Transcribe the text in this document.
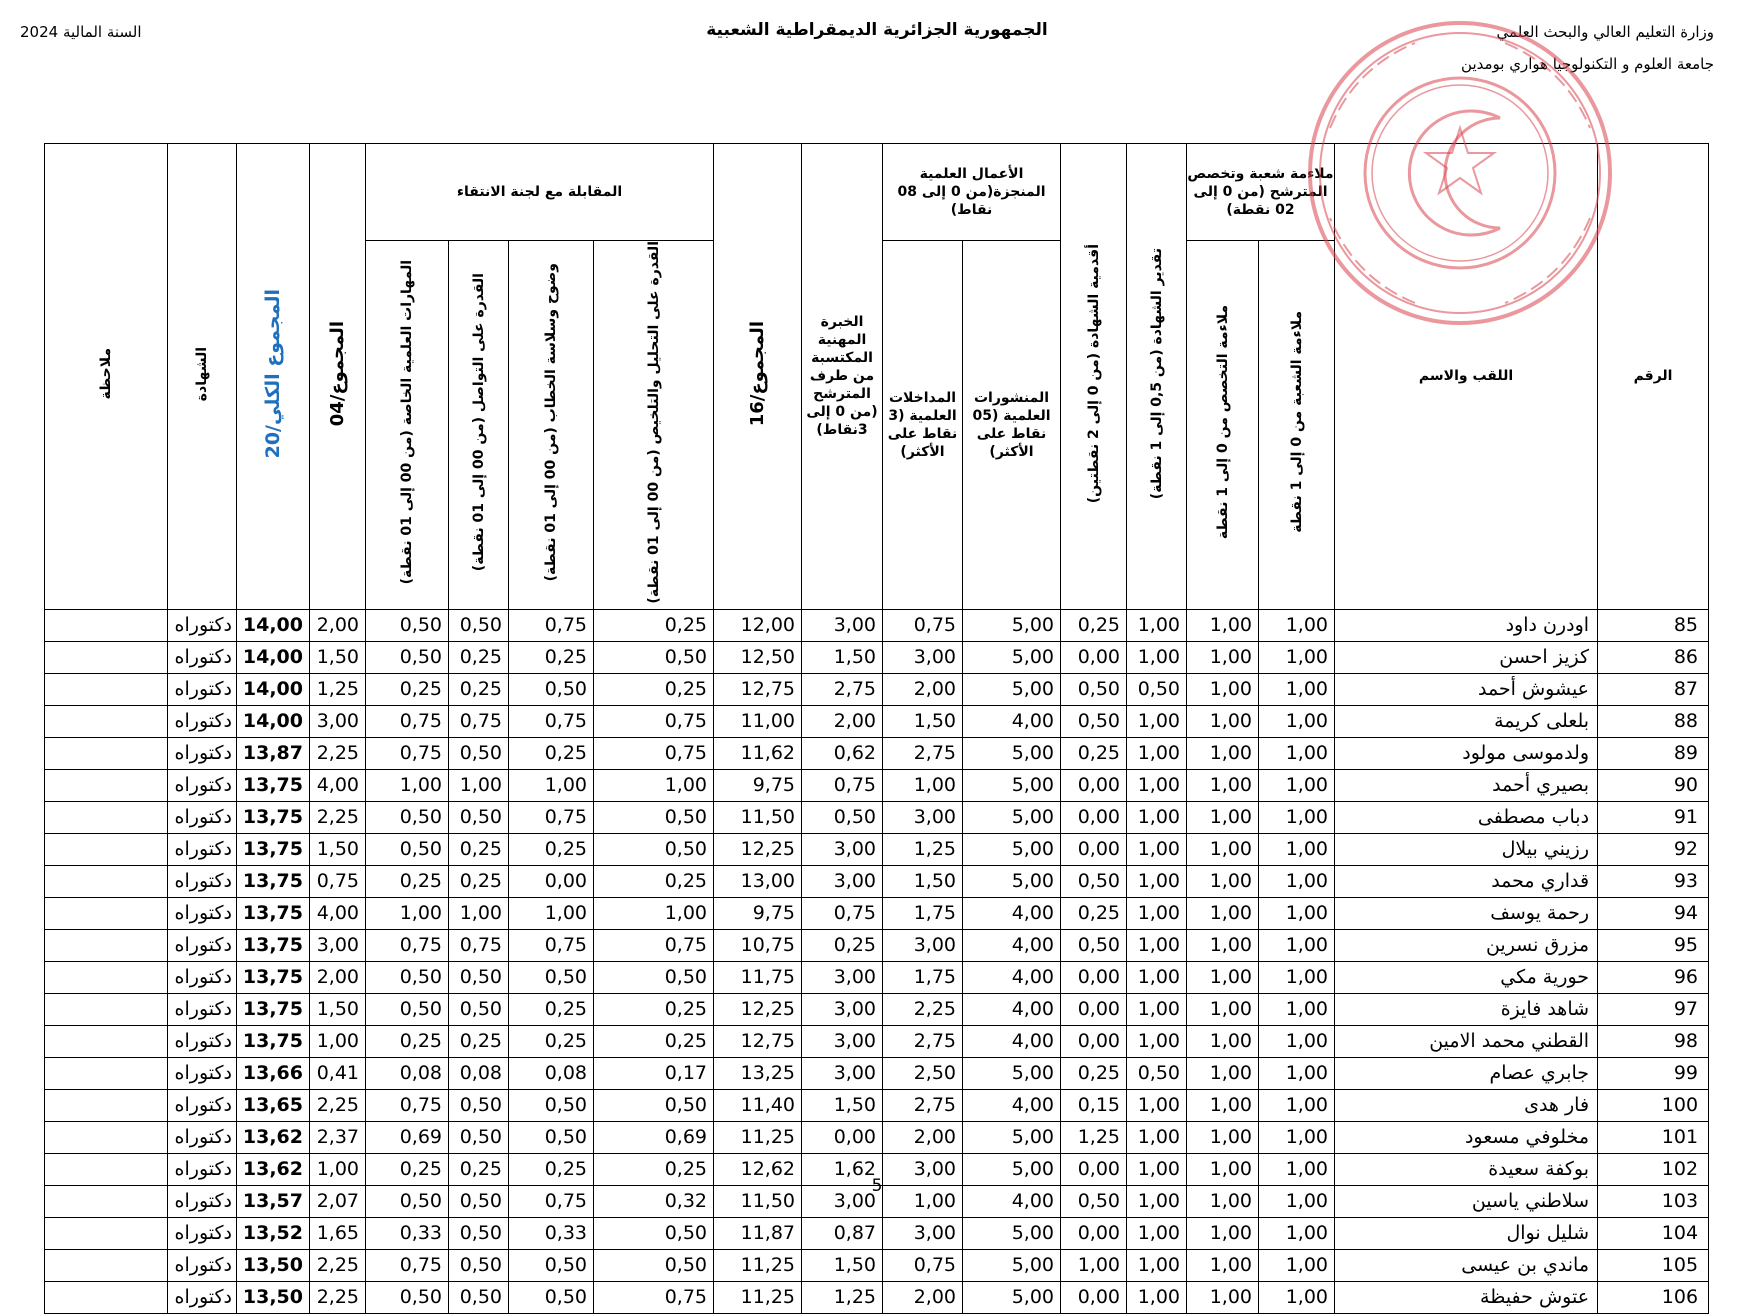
السنة المالية 2024	الجمهورية الجزائرية الديمقراطية الشعبية	وزارة التعليم العالي والبحث العلمي
جامعة العلوم و التكنولوجيا هواري بومدين
الرقم	اللقب والاسم	ملاءمة شعبة وتخصص المترشح (من 0 إلى 02 نقطة)		تقدير الشهادة (من 0,5 إلى 1 نقطة)	أقدمية الشهادة (من 0 إلى 2 نقطتين)	الأعمال العلمية المنجزة(من 0 إلى 08 نقاط)		الخبرة المهنية المكتسبة من طرف المترشح (من 0 إلى 3نقاط)	المجموع/16	المقابلة مع لجنة الانتقاء				المجموع/04	المجموع الكلي/20	الشهادة	ملاحظة
		ملاءمة الشعبة من 0 إلى 1 نقطة	ملاءمة التخصص من 0 إلى 1 نقطة			المنشورات العلمية (05 نقاط على الأكثر)	المداخلات العلمية (3 نقاط على الأكثر)			القدرة على التحليل والتلخيص (من 00 إلى 01 نقطة)	وضوح وسلاسة الخطاب (من 00 إلى 01 نقطة)	القدرة على التواصل (من 00 إلى 01 نقطة)	المهارات العلمية الخاصة (من 00 إلى 01 نقطة)				
85	اودرن داود	1,00	1,00	1,00	0,25	5,00	0,75	3,00	12,00	0,25	0,75	0,50	0,50	2,00	14,00	دكتوراه	
86	كزيز احسن	1,00	1,00	1,00	0,00	5,00	3,00	1,50	12,50	0,50	0,25	0,25	0,50	1,50	14,00	دكتوراه	
87	عيشوش أحمد	1,00	1,00	0,50	0,50	5,00	2,00	2,75	12,75	0,25	0,50	0,25	0,25	1,25	14,00	دكتوراه	
88	بلعلى كريمة	1,00	1,00	1,00	0,50	4,00	1,50	2,00	11,00	0,75	0,75	0,75	0,75	3,00	14,00	دكتوراه	
89	ولدموسى مولود	1,00	1,00	1,00	0,25	5,00	2,75	0,62	11,62	0,75	0,25	0,50	0,75	2,25	13,87	دكتوراه	
90	بصيري أحمد	1,00	1,00	1,00	0,00	5,00	1,00	0,75	9,75	1,00	1,00	1,00	1,00	4,00	13,75	دكتوراه	
91	دباب مصطفى	1,00	1,00	1,00	0,00	5,00	3,00	0,50	11,50	0,50	0,75	0,50	0,50	2,25	13,75	دكتوراه	
92	رزيني بيلال	1,00	1,00	1,00	0,00	5,00	1,25	3,00	12,25	0,50	0,25	0,25	0,50	1,50	13,75	دكتوراه	
93	قداري محمد	1,00	1,00	1,00	0,50	5,00	1,50	3,00	13,00	0,25	0,00	0,25	0,25	0,75	13,75	دكتوراه	
94	رحمة يوسف	1,00	1,00	1,00	0,25	4,00	1,75	0,75	9,75	1,00	1,00	1,00	1,00	4,00	13,75	دكتوراه	
95	مزرق نسرين	1,00	1,00	1,00	0,50	4,00	3,00	0,25	10,75	0,75	0,75	0,75	0,75	3,00	13,75	دكتوراه	
96	حورية مكي	1,00	1,00	1,00	0,00	4,00	1,75	3,00	11,75	0,50	0,50	0,50	0,50	2,00	13,75	دكتوراه	
97	شاهد فايزة	1,00	1,00	1,00	0,00	4,00	2,25	3,00	12,25	0,25	0,25	0,50	0,50	1,50	13,75	دكتوراه	
98	القطني محمد الامين	1,00	1,00	1,00	0,00	4,00	2,75	3,00	12,75	0,25	0,25	0,25	0,25	1,00	13,75	دكتوراه	
99	جابري عصام	1,00	1,00	0,50	0,25	5,00	2,50	3,00	13,25	0,17	0,08	0,08	0,08	0,41	13,66	دكتوراه	
100	فار هدى	1,00	1,00	1,00	0,15	4,00	2,75	1,50	11,40	0,50	0,50	0,50	0,75	2,25	13,65	دكتوراه	
101	مخلوفي مسعود	1,00	1,00	1,00	1,25	5,00	2,00	0,00	11,25	0,69	0,50	0,50	0,69	2,37	13,62	دكتوراه	
102	بوكفة سعيدة	1,00	1,00	1,00	0,00	5,00	3,00	1,62	12,62	0,25	0,25	0,25	0,25	1,00	13,62	دكتوراه	
103	سلاطني ياسين	1,00	1,00	1,00	0,50	4,00	1,00	3,00	11,50	0,32	0,75	0,50	0,50	2,07	13,57	دكتوراه	
104	شليل نوال	1,00	1,00	1,00	0,00	5,00	3,00	0,87	11,87	0,50	0,33	0,50	0,33	1,65	13,52	دكتوراه	
105	ماندي بن عيسى	1,00	1,00	1,00	1,00	5,00	0,75	1,50	11,25	0,50	0,50	0,50	0,75	2,25	13,50	دكتوراه	
106	عتوش حفيظة	1,00	1,00	1,00	0,00	5,00	2,00	1,25	11,25	0,75	0,50	0,50	0,50	2,25	13,50	دكتوراه	
5
